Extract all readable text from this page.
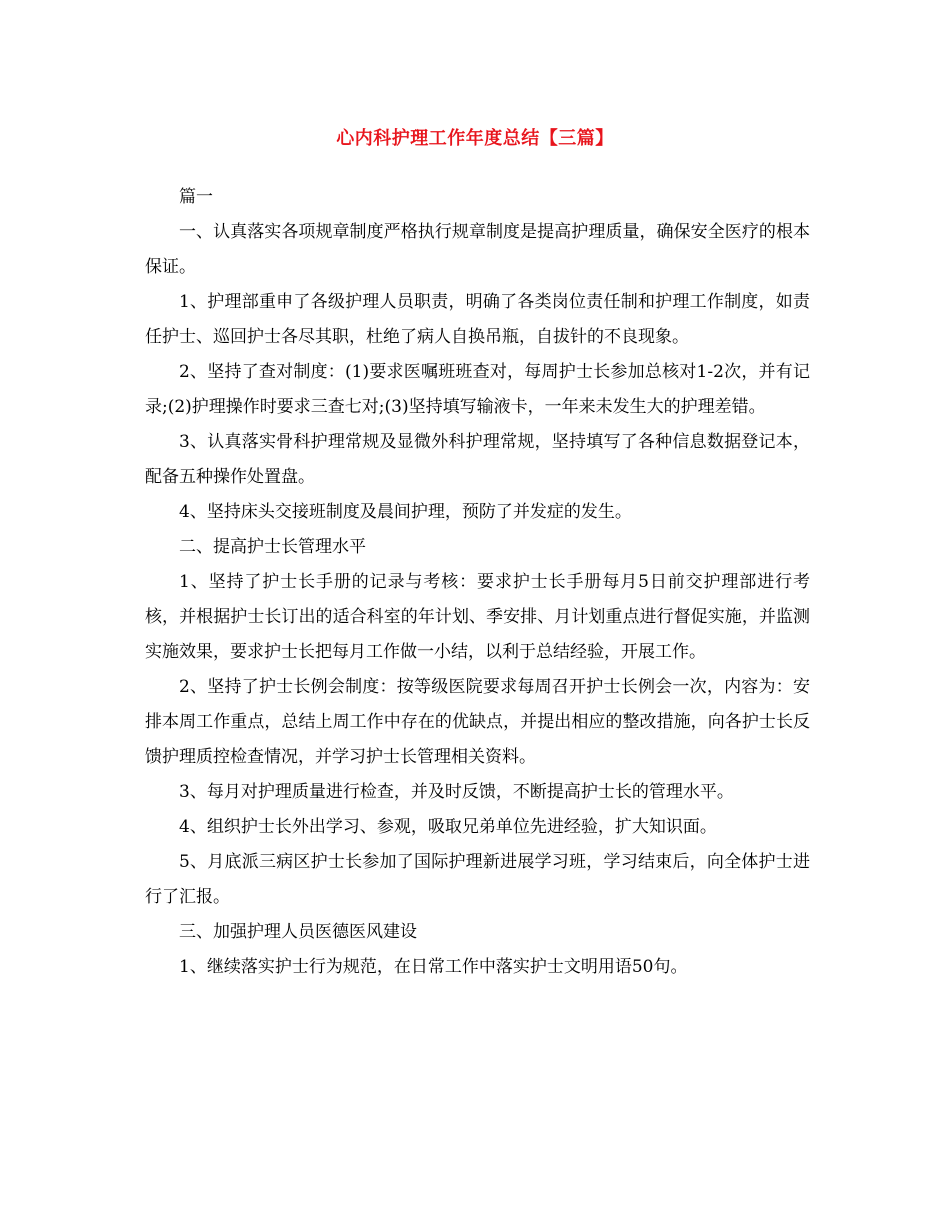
心内科护理工作年度总结【三篇】

篇一

一、认真落实各项规章制度严格执行规章制度是提高护理质量，确保安全医疗的根本保证。

1、护理部重申了各级护理人员职责，明确了各类岗位责任制和护理工作制度，如责任护士、巡回护士各尽其职，杜绝了病人自换吊瓶，自拔针的不良现象。

2、坚持了查对制度：(1)要求医嘱班班查对，每周护士长参加总核对1-2次，并有记录;(2)护理操作时要求三查七对;(3)坚持填写输液卡，一年来未发生大的护理差错。

3、认真落实骨科护理常规及显微外科护理常规，坚持填写了各种信息数据登记本，配备五种操作处置盘。

4、坚持床头交接班制度及晨间护理，预防了并发症的发生。

二、提高护士长管理水平

1、坚持了护士长手册的记录与考核：要求护士长手册每月5日前交护理部进行考核，并根据护士长订出的适合科室的年计划、季安排、月计划重点进行督促实施，并监测实施效果，要求护士长把每月工作做一小结，以利于总结经验，开展工作。

2、坚持了护士长例会制度：按等级医院要求每周召开护士长例会一次，内容为：安排本周工作重点，总结上周工作中存在的优缺点，并提出相应的整改措施，向各护士长反馈护理质控检查情况，并学习护士长管理相关资料。

3、每月对护理质量进行检查，并及时反馈，不断提高护士长的管理水平。

4、组织护士长外出学习、参观，吸取兄弟单位先进经验，扩大知识面。

5、月底派三病区护士长参加了国际护理新进展学习班，学习结束后，向全体护士进行了汇报。

三、加强护理人员医德医风建设

1、继续落实护士行为规范，在日常工作中落实护士文明用语50句。
